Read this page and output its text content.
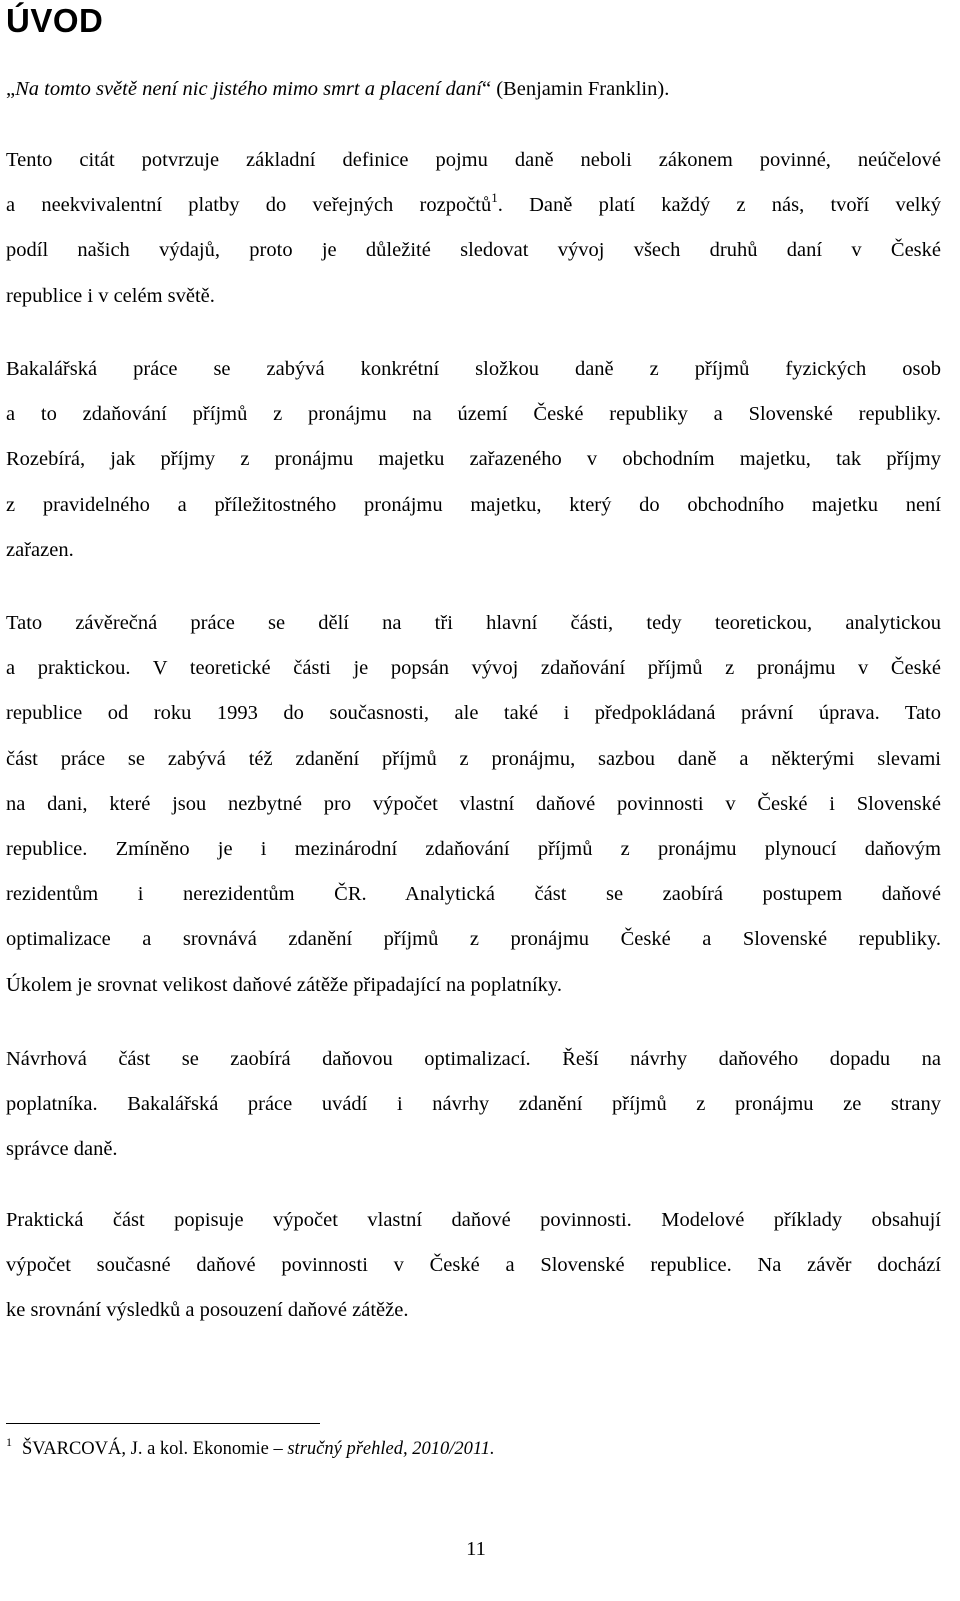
ÚVOD
„Na tomto světě není nic jistého mimo smrt a placení daní“ (Benjamin Franklin).
Tento citát potvrzuje základní definice pojmu daně neboli zákonem povinné, neúčelové
a neekvivalentní platby do veřejných rozpočtů$^1$. Daně platí každý z nás, tvoří velký
podíl našich výdajů, proto je důležité sledovat vývoj všech druhů daní v České
republice i v celém světě.
Bakalářská práce se zabývá konkrétní složkou daně z příjmů fyzických osob
a to zdaňování příjmů z pronájmu na území České republiky a Slovenské republiky.
Rozebírá, jak příjmy z pronájmu majetku zařazeného v obchodním majetku, tak příjmy
z pravidelného a příležitostného pronájmu majetku, který do obchodního majetku není
zařazen.
Tato závěrečná práce se dělí na tři hlavní části, tedy teoretickou, analytickou
a praktickou. V teoretické části je popsán vývoj zdaňování příjmů z pronájmu v České
republice od roku 1993 do současnosti, ale také i předpokládaná právní úprava. Tato
část práce se zabývá též zdanění příjmů z pronájmu, sazbou daně a některými slevami
na dani, které jsou nezbytné pro výpočet vlastní daňové povinnosti v České i Slovenské
republice. Zmíněno je i mezinárodní zdaňování příjmů z pronájmu plynoucí daňovým
rezidentům i nerezidentům ČR. Analytická část se zaobírá postupem daňové
optimalizace a srovnává zdanění příjmů z pronájmu České a Slovenské republiky.
Úkolem je srovnat velikost daňové zátěže připadající na poplatníky.
Návrhová část se zaobírá daňovou optimalizací. Řeší návrhy daňového dopadu na
poplatníka. Bakalářská práce uvádí i návrhy zdanění příjmů z pronájmu ze strany
správce daně.
Praktická část popisuje výpočet vlastní daňové povinnosti. Modelové příklady obsahují
výpočet současné daňové povinnosti v České a Slovenské republice. Na závěr dochází
ke srovnání výsledků a posouzení daňové zátěže.
$^1$ ŠVARCOVÁ, J. a kol. Ekonomie – stručný přehled, 2010/2011.
11
